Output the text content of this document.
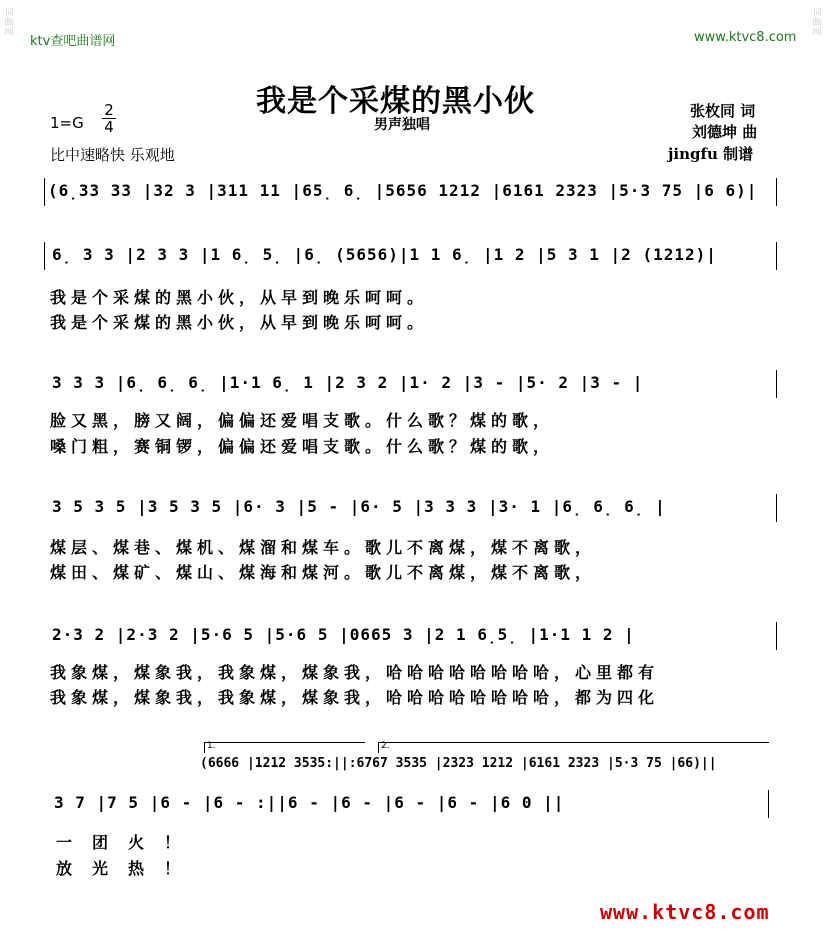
词
曲
网
词
曲
网
ktv查吧曲谱网	www.ktvc8.com
我是个采煤的黑小伙
男声独唱
1=G
2
4
比中速略快 乐观地
张枚同 词
刘德坤 曲
jingfu 制谱
(6̣33 33 |32 3 |311 11 |65̣ 6̣ |5656 1212 |6161 2323 |5·3 75 |6 6)|
6̣ 3 3 |2 3 3 |1 6̣ 5̣ |6̣ (5656)|1 1 6̣ |1 2 |5 3 1 |2 (1212)|
我是个采煤的黑小伙，从早到晚乐呵呵。
我是个采煤的黑小伙，从早到晚乐呵呵。
3 3 3 |6̣ 6̣ 6̣ |1·1 6̣ 1 |2 3 2 |1· 2 |3 - |5· 2 |3 - |
脸又黑，膀又阔，偏偏还爱唱支歌。什么歌？煤的歌，
嗓门粗，赛铜锣，偏偏还爱唱支歌。什么歌？煤的歌，
3 5 3 5 |3 5 3 5 |6· 3 |5 - |6· 5 |3 3 3 |3· 1 |6̣ 6̣ 6̣ |
煤层、煤巷、煤机、煤溜和煤车。歌儿不离煤，煤不离歌，
煤田、煤矿、煤山、煤海和煤河。歌儿不离煤，煤不离歌，
2·3 2 |2·3 2 |5·6 5 |5·6 5 |0665 3 |2 1 6̣5̣ |1·1 1 2 |
我象煤，煤象我，我象煤，煤象我，哈哈哈哈哈哈哈哈，心里都有
我象煤，煤象我，我象煤，煤象我，哈哈哈哈哈哈哈哈，都为四化
1.	2.
(6666 |1212 3535:||:6767 3535 |2323 1212 |6161 2323 |5·3 75 |66)||
3 7 |7 5 |6 - |6 - :||6 - |6 - |6 - |6 - |6 0 ||
一团火！
放光热！
www.ktvc8.com
